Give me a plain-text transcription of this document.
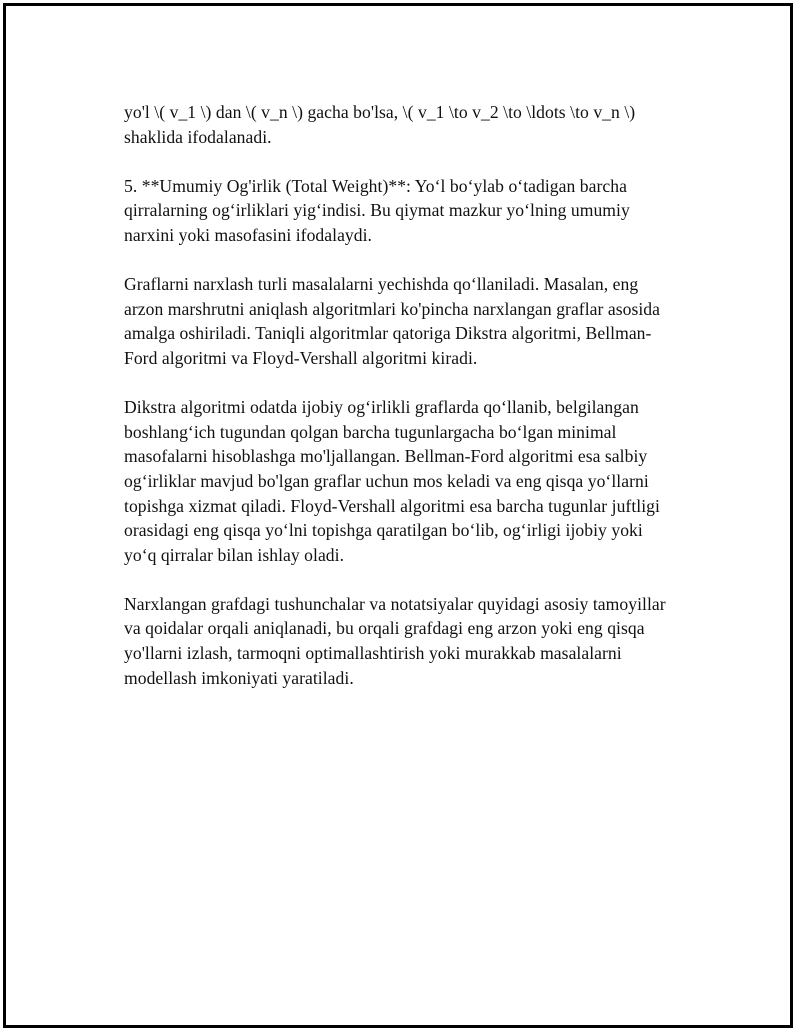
yo'l \( v_1 \) dan \( v_n \) gacha bo'lsa, \( v_1 \to v_2 \to \ldots \to v_n \)
shaklida ifodalanadi.

5. **Umumiy Og'irlik (Total Weight)**: Yo‘l bo‘ylab o‘tadigan barcha
qirralarning og‘irliklari yig‘indisi. Bu qiymat mazkur yo‘lning umumiy
narxini yoki masofasini ifodalaydi.

Graflarni narxlash turli masalalarni yechishda qo‘llaniladi. Masalan, eng
arzon marshrutni aniqlash algoritmlari ko'pincha narxlangan graflar asosida
amalga oshiriladi. Taniqli algoritmlar qatoriga Dikstra algoritmi, Bellman-
Ford algoritmi va Floyd-Vershall algoritmi kiradi.

Dikstra algoritmi odatda ijobiy og‘irlikli graflarda qo‘llanib, belgilangan
boshlang‘ich tugundan qolgan barcha tugunlargacha bo‘lgan minimal
masofalarni hisoblashga mo'ljallangan. Bellman-Ford algoritmi esa salbiy
og‘irliklar mavjud bo'lgan graflar uchun mos keladi va eng qisqa yo‘llarni
topishga xizmat qiladi. Floyd-Vershall algoritmi esa barcha tugunlar juftligi
orasidagi eng qisqa yo‘lni topishga qaratilgan bo‘lib, og‘irligi ijobiy yoki
yo‘q qirralar bilan ishlay oladi.

Narxlangan grafdagi tushunchalar va notatsiyalar quyidagi asosiy tamoyillar
va qoidalar orqali aniqlanadi, bu orqali grafdagi eng arzon yoki eng qisqa
yo'llarni izlash, tarmoqni optimallashtirish yoki murakkab masalalarni
modellash imkoniyati yaratiladi.
